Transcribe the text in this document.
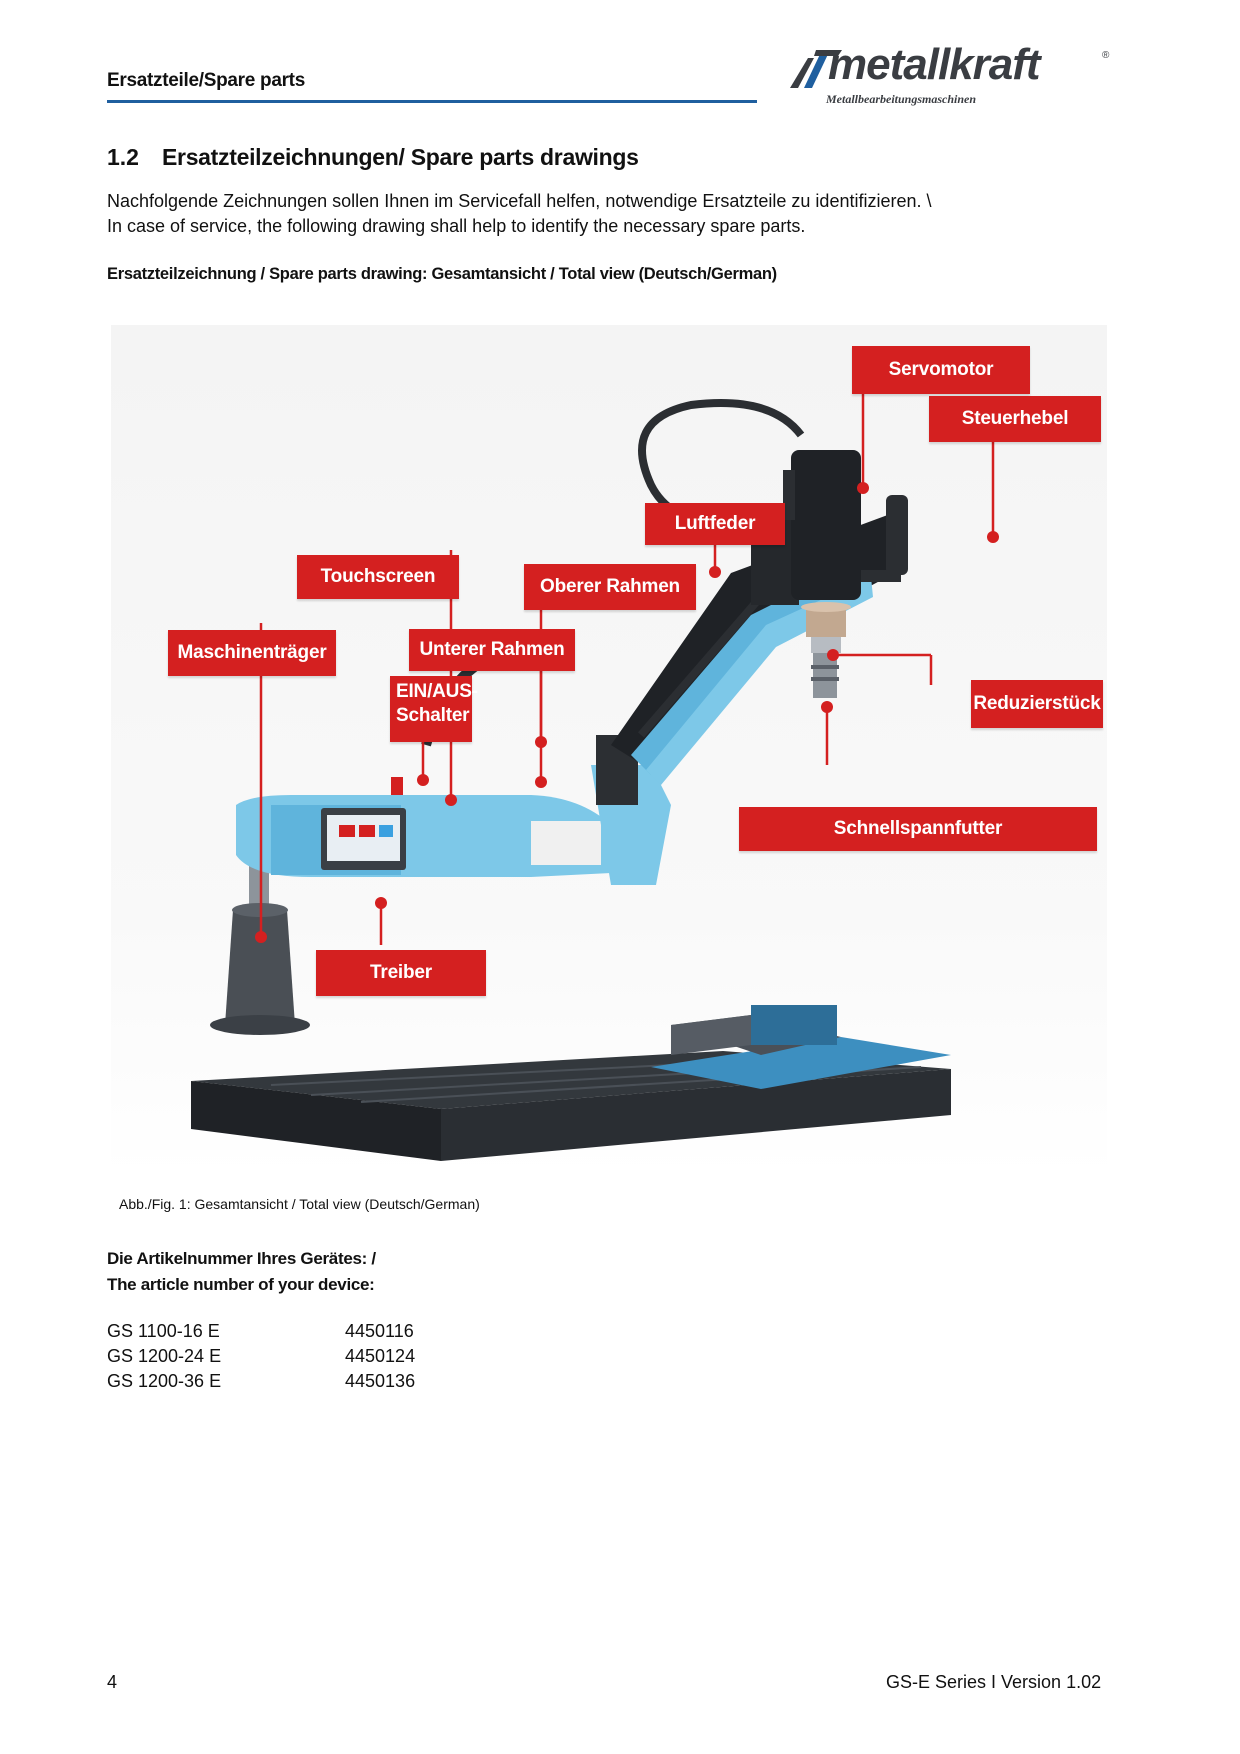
Ersatzteile/Spare parts	metallkraft	®
Metallbearbeitungsmaschinen
1.2 Ersatzteilzeichnungen/ Spare parts drawings
Nachfolgende Zeichnungen sollen Ihnen im Servicefall helfen, notwendige Ersatzteile zu identifizieren. \
In case of service, the following drawing shall help to identify the necessary spare parts.
Ersatzteilzeichnung / Spare parts drawing: Gesamtansicht / Total view (Deutsch/German)
Servomotor
Steuerhebel
Luftfeder
Touchscreen	Oberer Rahmen
Maschinenträger	Unterer Rahmen
EIN/AUS-
Schalter
Reduzierstück
Schnellspannfutter
Treiber
Abb./Fig. 1: Gesamtansicht / Total view (Deutsch/German)
Die Artikelnummer Ihres Gerätes: /
The article number of your device:
GS 1100-16 E	4450116
GS 1200-24 E	4450124
GS 1200-36 E	4450136
4	GS-E Series I Version 1.02
